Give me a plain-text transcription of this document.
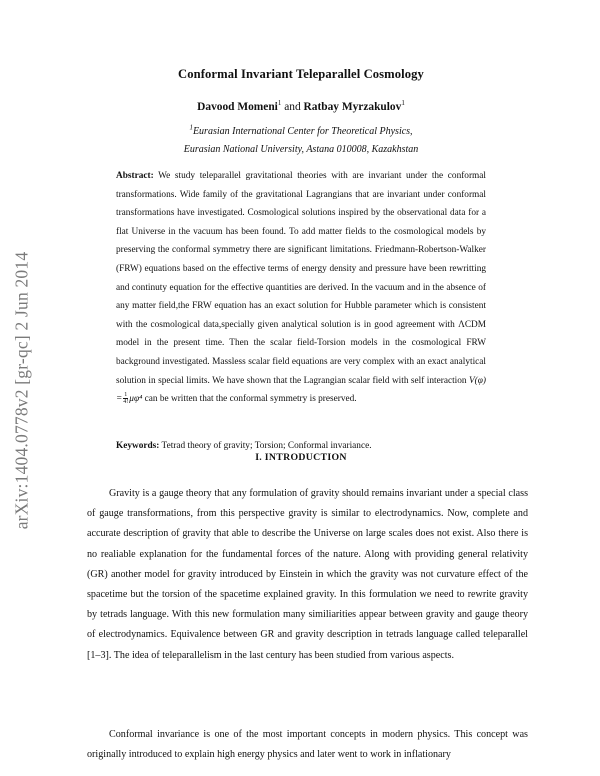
arXiv:1404.0778v2 [gr-qc] 2 Jun 2014
Conformal Invariant Teleparallel Cosmology
Davood Momeni$^1$ and Ratbay Myrzakulov$^1$
$^1$Eurasian International Center for Theoretical Physics,
Eurasian National University, Astana 010008, Kazakhstan
Abstract: We study teleparallel gravitational theories with are invariant under the conformal transformations. Wide family of the gravitational Lagrangians that are invariant under conformal transformations have investigated. Cosmological solutions inspired by the observational data for a flat Universe in the vacuum has been found. To add matter fields to the cosmological models by preserving the conformal symmetry there are significant limitations. Friedmann-Robertson-Walker (FRW) equations based on the effective terms of energy density and pressure have been rewritting and continuty equation for the effective quantities are derived. In the vacuum and in the absence of any matter field,the FRW equation has an exact solution for Hubble parameter which is consistent with the cosmological data,specially given analytical solution is in good agreement with ΛCDM model in the present time. Then the scalar field-Torsion models in the cosmological FRW background investigated. Massless scalar field equations are very complex with an exact analytical solution in special limits. We have shown that the Lagrangian scalar field with self interaction $V(\varphi) = \frac{1}{4!} \mu\varphi^4$ can be written that the conformal symmetry is preserved.
Keywords: Tetrad theory of gravity; Torsion; Conformal invariance.
I. INTRODUCTION
Gravity is a gauge theory that any formulation of gravity should remains invariant under a special class of gauge transformations, from this perspective gravity is similar to electrodynamics. Now, complete and accurate description of gravity that able to describe the Universe on large scales does not exist. Also there is no realiable explanation for the fundamental forces of the nature. Along with providing general relativity (GR) another model for gravity introduced by Einstein in which the gravity was not curvature effect of the spacetime but the torsion of the spacetime explained gravity. In this formulation we need to rewrite gravity by tetrads language. With this new formulation many similiarities appear between gravity and gauge theory of electrodynamics. Equivalence between GR and gravity description in tetrads language called teleparallel [1–3]. The idea of teleparallelism in the last century has been studied from various aspects.
Conformal invariance is one of the most important concepts in modern physics. This concept was originally introduced to explain high energy physics and later went to work in inflationary
